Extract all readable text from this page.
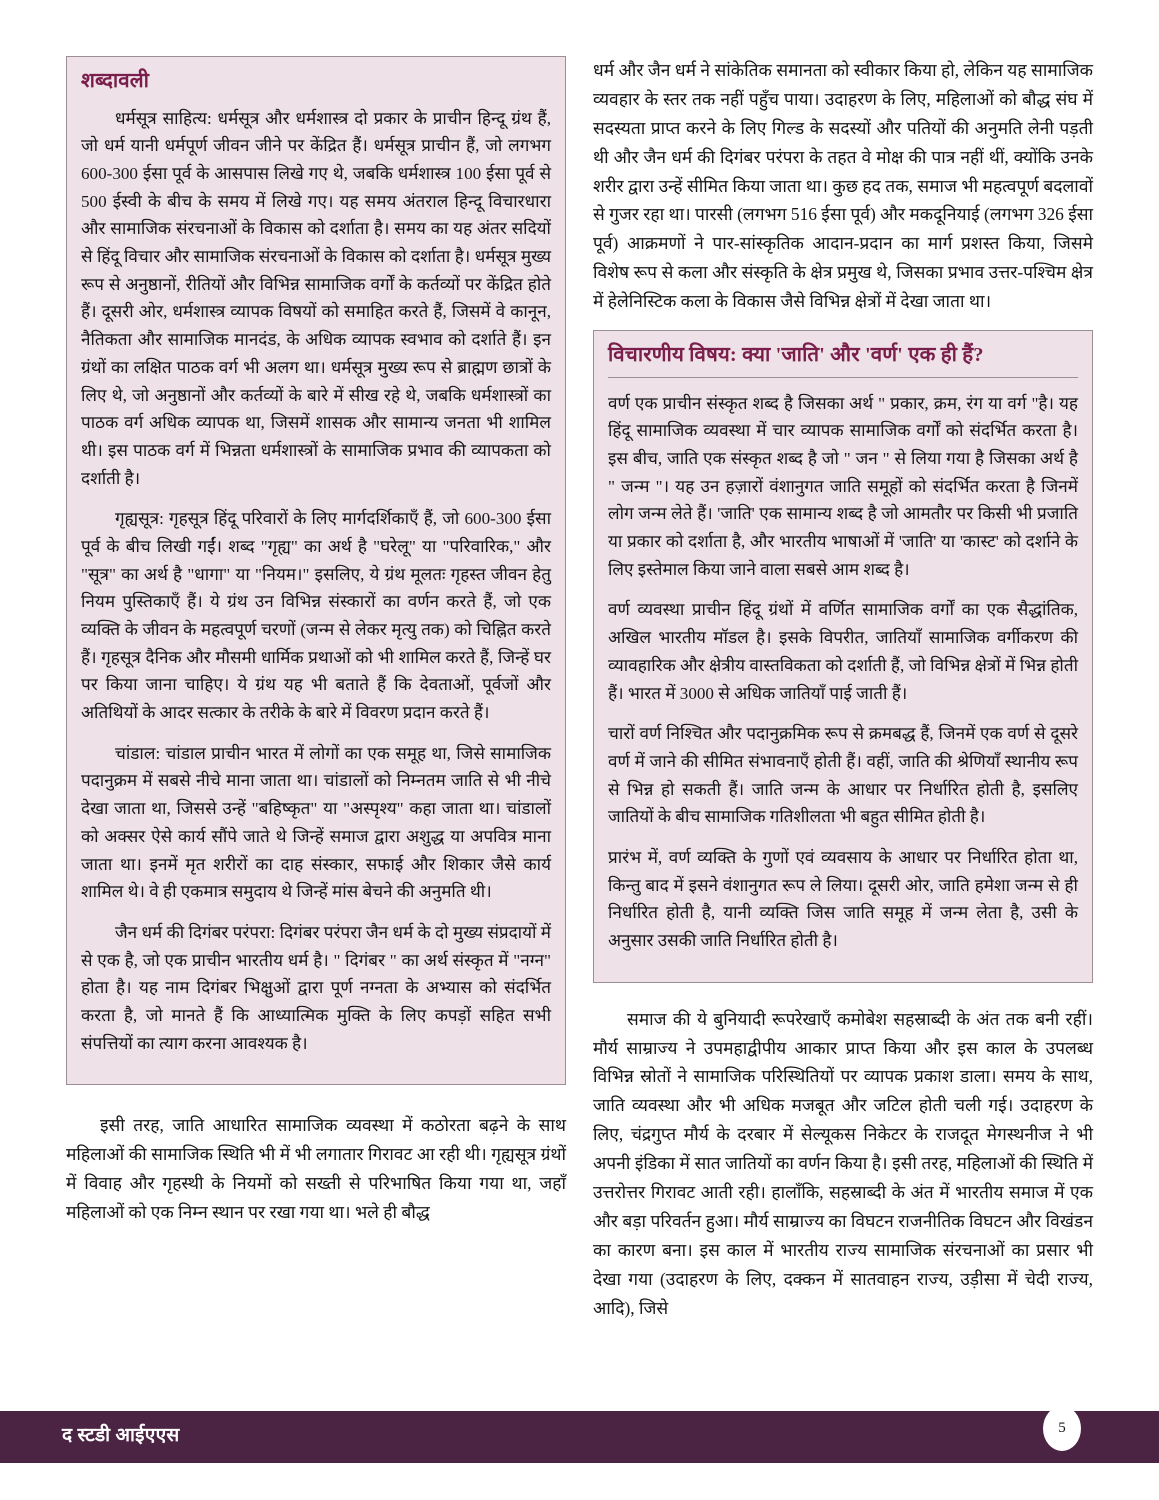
शब्दावली

धर्मसूत्र साहित्य: धर्मसूत्र और धर्मशास्त्र दो प्रकार के प्राचीन हिन्दू ग्रंथ हैं, जो धर्म यानी धर्मपूर्ण जीवन जीने पर केंद्रित हैं। धर्मसूत्र प्राचीन हैं, जो लगभग 600-300 ईसा पूर्व के आसपास लिखे गए थे, जबकि धर्मशास्त्र 100 ईसा पूर्व से 500 ईस्वी के बीच के समय में लिखे गए। यह समय अंतराल हिन्दू विचारधारा और सामाजिक संरचनाओं के विकास को दर्शाता है। समय का यह अंतर सदियों से हिंदू विचार और सामाजिक संरचनाओं के विकास को दर्शाता है। धर्मसूत्र मुख्य रूप से अनुष्ठानों, रीतियों और विभिन्न सामाजिक वर्गों के कर्तव्यों पर केंद्रित होते हैं। दूसरी ओर, धर्मशास्त्र व्यापक विषयों को समाहित करते हैं, जिसमें वे कानून, नैतिकता और सामाजिक मानदंड, के अधिक व्यापक स्वभाव को दर्शाते हैं। इन ग्रंथों का लक्षित पाठक वर्ग भी अलग था। धर्मसूत्र मुख्य रूप से ब्राह्मण छात्रों के लिए थे, जो अनुष्ठानों और कर्तव्यों के बारे में सीख रहे थे, जबकि धर्मशास्त्रों का पाठक वर्ग अधिक व्यापक था, जिसमें शासक और सामान्य जनता भी शामिल थी। इस पाठक वर्ग में भिन्नता धर्मशास्त्रों के सामाजिक प्रभाव की व्यापकता को दर्शाती है।

गृह्यसूत्र: गृहसूत्र हिंदू परिवारों के लिए मार्गदर्शिकाएँ हैं, जो 600-300 ईसा पूर्व के बीच लिखी गईं। शब्द "गृह्य" का अर्थ है "घरेलू" या "परिवारिक," और "सूत्र" का अर्थ है "धागा" या "नियम।" इसलिए, ये ग्रंथ मूलतः गृहस्त जीवन हेतु नियम पुस्तिकाएँ हैं। ये ग्रंथ उन विभिन्न संस्कारों का वर्णन करते हैं, जो एक व्यक्ति के जीवन के महत्वपूर्ण चरणों (जन्म से लेकर मृत्यु तक) को चिह्नित करते हैं। गृहसूत्र दैनिक और मौसमी धार्मिक प्रथाओं को भी शामिल करते हैं, जिन्हें घर पर किया जाना चाहिए। ये ग्रंथ यह भी बताते हैं कि देवताओं, पूर्वजों और अतिथियों के आदर सत्कार के तरीके के बारे में विवरण प्रदान करते हैं।

चांडाल: चांडाल प्राचीन भारत में लोगों का एक समूह था, जिसे सामाजिक पदानुक्रम में सबसे नीचे माना जाता था। चांडालों को निम्नतम जाति से भी नीचे देखा जाता था, जिससे उन्हें "बहिष्कृत" या "अस्पृश्य" कहा जाता था। चांडालों को अक्सर ऐसे कार्य सौंपे जाते थे जिन्हें समाज द्वारा अशुद्ध या अपवित्र माना जाता था। इनमें मृत शरीरों का दाह संस्कार, सफाई और शिकार जैसे कार्य शामिल थे। वे ही एकमात्र समुदाय थे जिन्हें मांस बेचने की अनुमति थी।

जैन धर्म की दिगंबर परंपरा: दिगंबर परंपरा जैन धर्म के दो मुख्य संप्रदायों में से एक है, जो एक प्राचीन भारतीय धर्म है। " दिगंबर " का अर्थ संस्कृत में "नग्न" होता है। यह नाम दिगंबर भिक्षुओं द्वारा पूर्ण नग्नता के अभ्यास को संदर्भित करता है, जो मानते हैं कि आध्यात्मिक मुक्ति के लिए कपड़ों सहित सभी संपत्तियों का त्याग करना आवश्यक है।

इसी तरह, जाति आधारित सामाजिक व्यवस्था में कठोरता बढ़ने के साथ महिलाओं की सामाजिक स्थिति भी में भी लगातार गिरावट आ रही थी। गृह्यसूत्र ग्रंथों में विवाह और गृहस्थी के नियमों को सख्ती से परिभाषित किया गया था, जहाँ महिलाओं को एक निम्न स्थान पर रखा गया था। भले ही बौद्ध

धर्म और जैन धर्म ने सांकेतिक समानता को स्वीकार किया हो, लेकिन यह सामाजिक व्यवहार के स्तर तक नहीं पहुँच पाया। उदाहरण के लिए, महिलाओं को बौद्ध संघ में सदस्यता प्राप्त करने के लिए गिल्ड के सदस्यों और पतियों की अनुमति लेनी पड़ती थी और जैन धर्म की दिगंबर परंपरा के तहत वे मोक्ष की पात्र नहीं थीं, क्योंकि उनके शरीर द्वारा उन्हें सीमित किया जाता था। कुछ हद तक, समाज भी महत्वपूर्ण बदलावों से गुजर रहा था। पारसी (लगभग 516 ईसा पूर्व) और मकदूनियाई (लगभग 326 ईसा पूर्व) आक्रमणों ने पार-सांस्कृतिक आदान-प्रदान का मार्ग प्रशस्त किया, जिसमे विशेष रूप से कला और संस्कृति के क्षेत्र प्रमुख थे, जिसका प्रभाव उत्तर-पश्चिम क्षेत्र में हेलेनिस्टिक कला के विकास जैसे विभिन्न क्षेत्रों में देखा जाता था।

विचारणीय विषय: क्या 'जाति' और 'वर्ण' एक ही हैं?

वर्ण एक प्राचीन संस्कृत शब्द है जिसका अर्थ " प्रकार, क्रम, रंग या वर्ग "है। यह हिंदू सामाजिक व्यवस्था में चार व्यापक सामाजिक वर्गों को संदर्भित करता है। इस बीच, जाति एक संस्कृत शब्द है जो " जन " से लिया गया है जिसका अर्थ है " जन्म "। यह उन हज़ारों वंशानुगत जाति समूहों को संदर्भित करता है जिनमें लोग जन्म लेते हैं। 'जाति' एक सामान्य शब्द है जो आमतौर पर किसी भी प्रजाति या प्रकार को दर्शाता है, और भारतीय भाषाओं में 'जाति' या 'कास्ट' को दर्शाने के लिए इस्तेमाल किया जाने वाला सबसे आम शब्द है।

वर्ण व्यवस्था प्राचीन हिंदू ग्रंथों में वर्णित सामाजिक वर्गों का एक सैद्धांतिक, अखिल भारतीय मॉडल है। इसके विपरीत, जातियाँ सामाजिक वर्गीकरण की व्यावहारिक और क्षेत्रीय वास्तविकता को दर्शाती हैं, जो विभिन्न क्षेत्रों में भिन्न होती हैं। भारत में 3000 से अधिक जातियाँ पाई जाती हैं।

चारों वर्ण निश्चित और पदानुक्रमिक रूप से क्रमबद्ध हैं, जिनमें एक वर्ण से दूसरे वर्ण में जाने की सीमित संभावनाएँ होती हैं। वहीं, जाति की श्रेणियाँ स्थानीय रूप से भिन्न हो सकती हैं। जाति जन्म के आधार पर निर्धारित होती है, इसलिए जातियों के बीच सामाजिक गतिशीलता भी बहुत सीमित होती है।

प्रारंभ में, वर्ण व्यक्ति के गुणों एवं व्यवसाय के आधार पर निर्धारित होता था, किन्तु बाद में इसने वंशानुगत रूप ले लिया। दूसरी ओर, जाति हमेशा जन्म से ही निर्धारित होती है, यानी व्यक्ति जिस जाति समूह में जन्म लेता है, उसी के अनुसार उसकी जाति निर्धारित होती है।

समाज की ये बुनियादी रूपरेखाएँ कमोबेश सहस्राब्दी के अंत तक बनी रहीं। मौर्य साम्राज्य ने उपमहाद्वीपीय आकार प्राप्त किया और इस काल के उपलब्ध विभिन्न स्रोतों ने सामाजिक परिस्थितियों पर व्यापक प्रकाश डाला। समय के साथ, जाति व्यवस्था और भी अधिक मजबूत और जटिल होती चली गई। उदाहरण के लिए, चंद्रगुप्त मौर्य के दरबार में सेल्यूकस निकेटर के राजदूत मेगस्थनीज ने भी अपनी इंडिका में सात जातियों का वर्णन किया है। इसी तरह, महिलाओं की स्थिति में उत्तरोत्तर गिरावट आती रही। हालाँकि, सहस्राब्दी के अंत में भारतीय समाज में एक और बड़ा परिवर्तन हुआ। मौर्य साम्राज्य का विघटन राजनीतिक विघटन और विखंडन का कारण बना। इस काल में भारतीय राज्य सामाजिक संरचनाओं का प्रसार भी देखा गया (उदाहरण के लिए, दक्कन में सातवाहन राज्य, उड़ीसा में चेदी राज्य, आदि), जिसे

द स्टडी आईएएस	5
